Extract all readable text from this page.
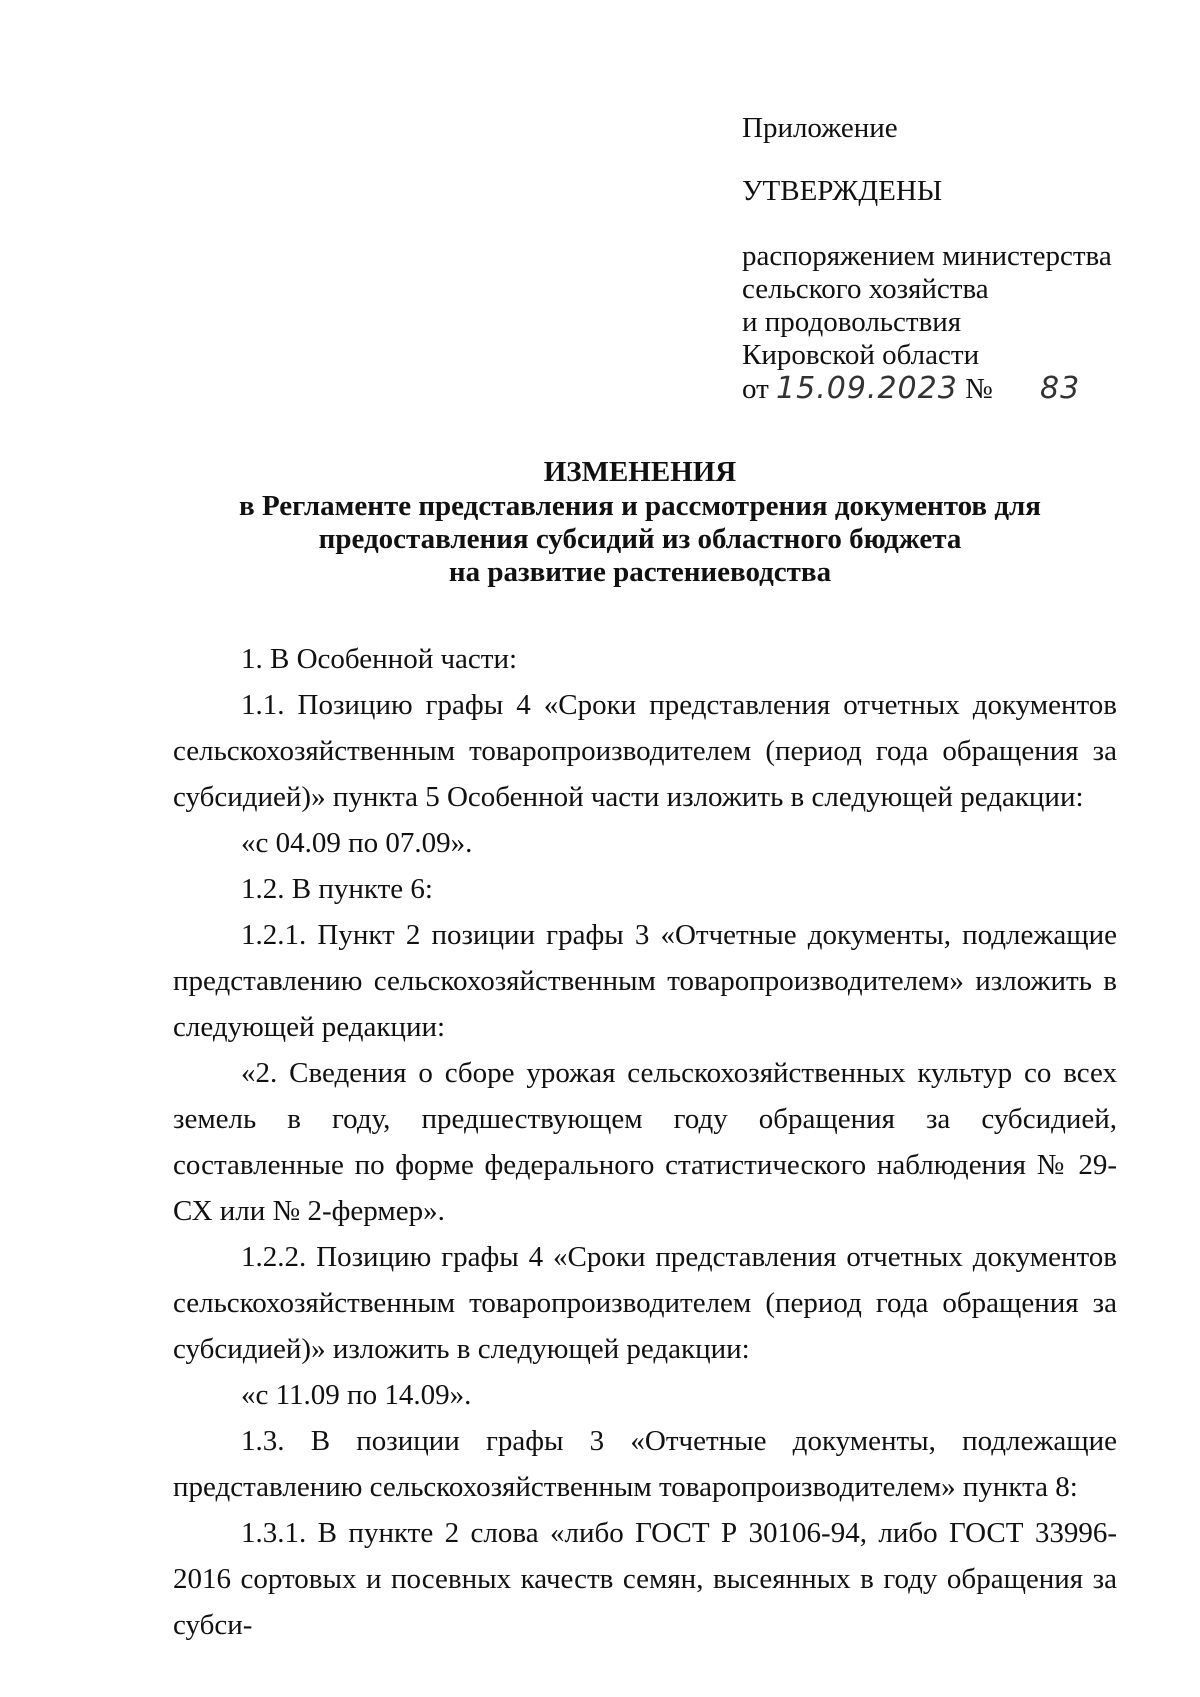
Приложение
УТВЕРЖДЕНЫ
распоряжением министерства
сельского хозяйства
и продовольствия
Кировской области
от 15.09.2023 № 83
ИЗМЕНЕНИЯ
в Регламенте представления и рассмотрения документов для
предоставления субсидий из областного бюджета
на развитие растениеводства

1. В Особенной части:

1.1. Позицию графы 4 «Сроки представления отчетных документов сельскохозяйственным товаропроизводителем (период года обращения за субсидией)» пункта 5 Особенной части изложить в следующей редакции:

«с 04.09 по 07.09».

1.2. В пункте 6:

1.2.1. Пункт 2 позиции графы 3 «Отчетные документы, подлежащие представлению сельскохозяйственным товаропроизводителем» изложить в следующей редакции:

«2. Сведения о сборе урожая сельскохозяйственных культур со всех земель в году, предшествующем году обращения за субсидией, составленные по форме федерального статистического наблюдения № 29-СХ или № 2-фермер».

1.2.2. Позицию графы 4 «Сроки представления отчетных документов сельскохозяйственным товаропроизводителем (период года обращения за субсидией)» изложить в следующей редакции:

«с 11.09 по 14.09».

1.3. В позиции графы 3 «Отчетные документы, подлежащие представлению сельскохозяйственным товаропроизводителем» пункта 8:

1.3.1. В пункте 2 слова «либо ГОСТ Р 30106-94, либо ГОСТ 33996-2016 сортовых и посевных качеств семян, высеянных в году обращения за субси-
